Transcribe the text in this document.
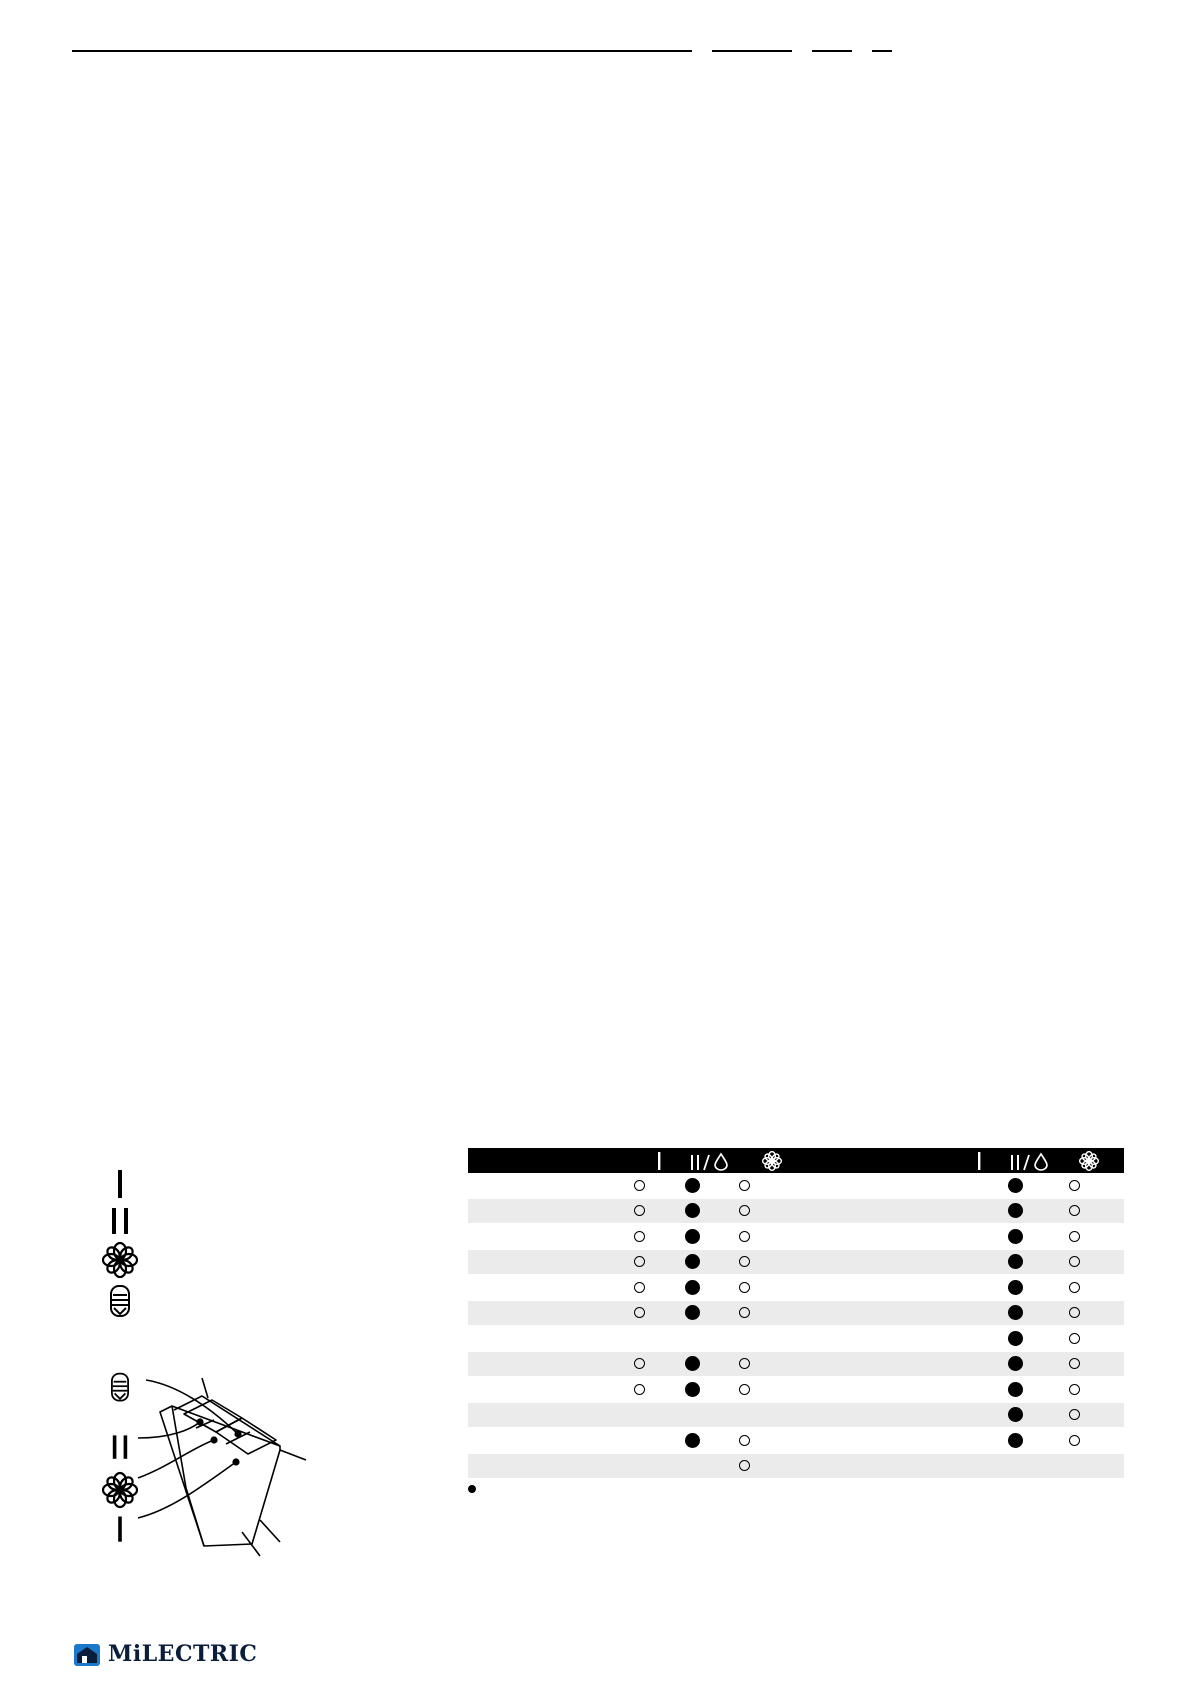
MiLECTRIC
